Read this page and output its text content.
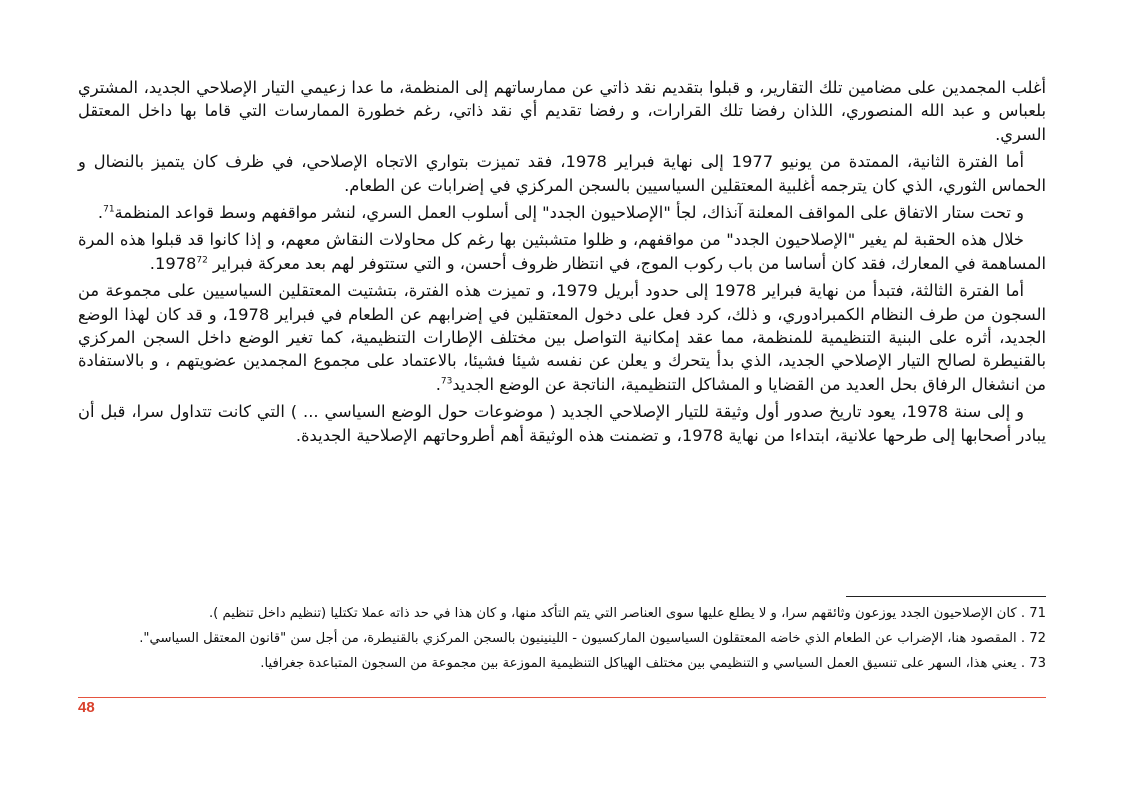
أغلب المجمدين على مضامين تلك التقارير، و قبلوا بتقديم نقد ذاتي عن ممارساتهم إلى المنظمة، ما عدا زعيمي التيار الإصلاحي الجديد، المشتري بلعباس و عبد الله المنصوري، اللذان رفضا تلك القرارات، و رفضا تقديم أي نقد ذاتي، رغم خطورة الممارسات التي قاما بها داخل المعتقل السري.

أما الفترة الثانية، الممتدة من يونيو 1977 إلى نهاية فبراير 1978، فقد تميزت بتواري الاتجاه الإصلاحي، في ظرف كان يتميز بالنضال و الحماس الثوري، الذي كان يترجمه أغلبية المعتقلين السياسيين بالسجن المركزي في إضرابات عن الطعام.

و تحت ستار الاتفاق على المواقف المعلنة آنذاك، لجأ "الإصلاحيون الجدد" إلى أسلوب العمل السري، لنشر مواقفهم وسط قواعد المنظمة$^{71}$.

خلال هذه الحقبة لم يغير "الإصلاحيون الجدد" من مواقفهم، و ظلوا متشبثين بها رغم كل محاولات النقاش معهم، و إذا كانوا قد قبلوا هذه المرة المساهمة في المعارك، فقد كان أساسا من باب ركوب الموج، في انتظار ظروف أحسن، و التي ستتوفر لهم بعد معركة فبراير 1978$^{72}$.

أما الفترة الثالثة، فتبدأ من نهاية فبراير 1978 إلى حدود أبريل 1979، و تميزت هذه الفترة، بتشتيت المعتقلين السياسيين على مجموعة من السجون من طرف النظام الكمبرادوري، و ذلك، كرد فعل على دخول المعتقلين في إضرابهم عن الطعام في فبراير 1978، و قد كان لهذا الوضع الجديد، أثره على البنية التنظيمية للمنظمة، مما عقد إمكانية التواصل بين مختلف الإطارات التنظيمية، كما تغير الوضع داخل السجن المركزي بالقنيطرة لصالح التيار الإصلاحي الجديد، الذي بدأ يتحرك و يعلن عن نفسه شيئا فشيئا، بالاعتماد على مجموع المجمدين عضويتهم ، و بالاستفادة من انشغال الرفاق بحل العديد من القضايا و المشاكل التنظيمية، الناتجة عن الوضع الجديد$^{73}$.

و إلى سنة 1978، يعود تاريخ صدور أول وثيقة للتيار الإصلاحي الجديد ( موضوعات حول الوضع السياسي ... ) التي كانت تتداول سرا، قبل أن يبادر أصحابها إلى طرحها علانية، ابتداءا من نهاية 1978، و تضمنت هذه الوثيقة أهم أطروحاتهم الإصلاحية الجديدة.

71 . كان الإصلاحيون الجدد يوزعون وثائقهم سرا، و لا يطلع عليها سوى العناصر التي يتم التأكد منها، و كان هذا في حد ذاته عملا تكتليا (تنظيم داخل تنظيم ).

72 . المقصود هنا، الإضراب عن الطعام الذي خاضه المعتقلون السياسيون الماركسيون - اللينينيون بالسجن المركزي بالقنيطرة، من أجل سن "قانون المعتقل السياسي".

73 . يعني هذا، السهر على تنسيق العمل السياسي و التنظيمي بين مختلف الهياكل التنظيمية الموزعة بين مجموعة من السجون المتباعدة جغرافيا.

48
